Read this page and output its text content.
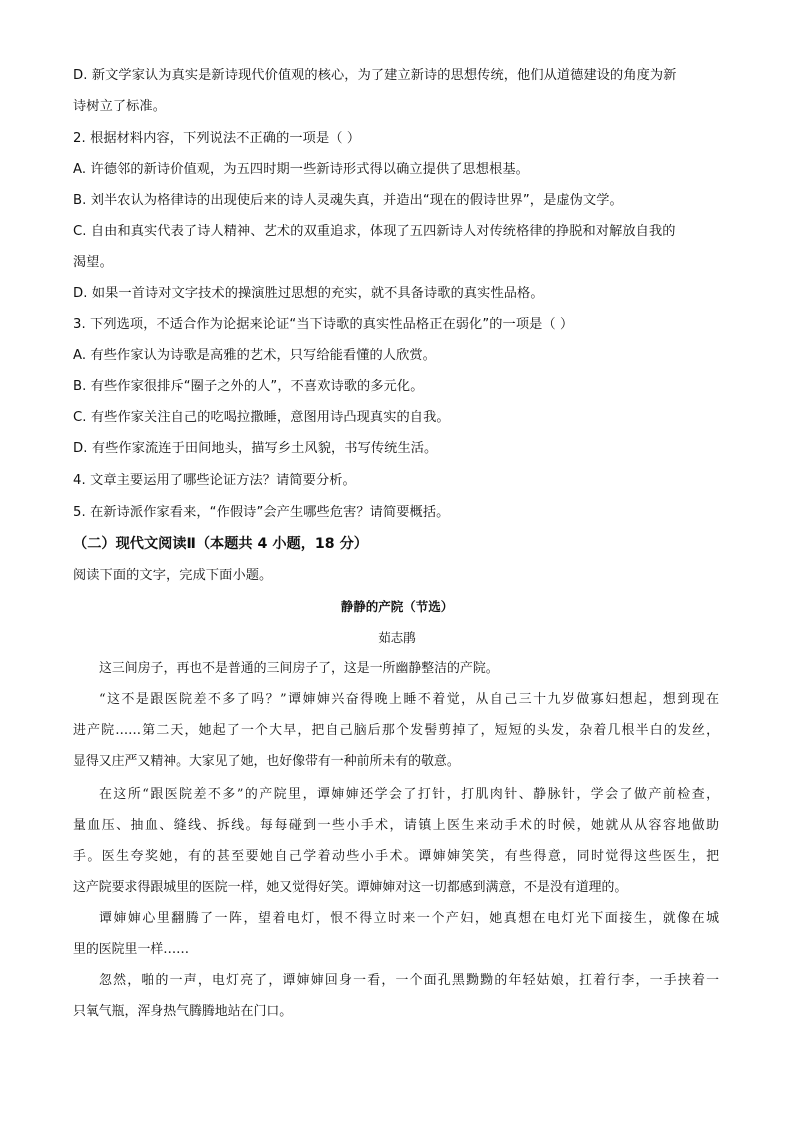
D. 新文学家认为真实是新诗现代价值观的核心，为了建立新诗的思想传统，他们从道德建设的角度为新
诗树立了标准。
2. 根据材料内容，下列说法不正确的一项是（ ）
A. 许德邻的新诗价值观，为五四时期一些新诗形式得以确立提供了思想根基。
B. 刘半农认为格律诗的出现使后来的诗人灵魂失真，并造出“现在的假诗世界”，是虚伪文学。
C. 自由和真实代表了诗人精神、艺术的双重追求，体现了五四新诗人对传统格律的挣脱和对解放自我的
渴望。
D. 如果一首诗对文字技术的操演胜过思想的充实，就不具备诗歌的真实性品格。
3. 下列选项，不适合作为论据来论证“当下诗歌的真实性品格正在弱化”的一项是（ ）
A. 有些作家认为诗歌是高雅的艺术，只写给能看懂的人欣赏。
B. 有些作家很排斥“圈子之外的人”，不喜欢诗歌的多元化。
C. 有些作家关注自己的吃喝拉撒睡，意图用诗凸现真实的自我。
D. 有些作家流连于田间地头，描写乡土风貌，书写传统生活。
4. 文章主要运用了哪些论证方法？请简要分析。
5. 在新诗派作家看来，“作假诗”会产生哪些危害？请简要概括。
（二）现代文阅读Ⅱ（本题共 4 小题，18 分）
阅读下面的文字，完成下面小题。
静静的产院（节选）
茹志鹃
这三间房子，再也不是普通的三间房子了，这是一所幽静整洁的产院。
“这不是跟医院差不多了吗？”谭婶婶兴奋得晚上睡不着觉，从自己三十九岁做寡妇想起，想到现在
进产院……第二天，她起了一个大早，把自己脑后那个发髻剪掉了，短短的头发，杂着几根半白的发丝，
显得又庄严又精神。大家见了她，也好像带有一种前所未有的敬意。
在这所“跟医院差不多”的产院里，谭婶婶还学会了打针，打肌肉针、静脉针，学会了做产前检查，
量血压、抽血、缝线、拆线。每每碰到一些小手术，请镇上医生来动手术的时候，她就从从容容地做助
手。医生夸奖她，有的甚至要她自己学着动些小手术。谭婶婶笑笑，有些得意，同时觉得这些医生，把
这产院要求得跟城里的医院一样，她又觉得好笑。谭婶婶对这一切都感到满意，不是没有道理的。
谭婶婶心里翻腾了一阵，望着电灯，恨不得立时来一个产妇，她真想在电灯光下面接生，就像在城
里的医院里一样……
忽然，啪的一声，电灯亮了，谭婶婶回身一看，一个面孔黑黝黝的年轻姑娘，扛着行李，一手挟着一
只氧气瓶，浑身热气腾腾地站在门口。
